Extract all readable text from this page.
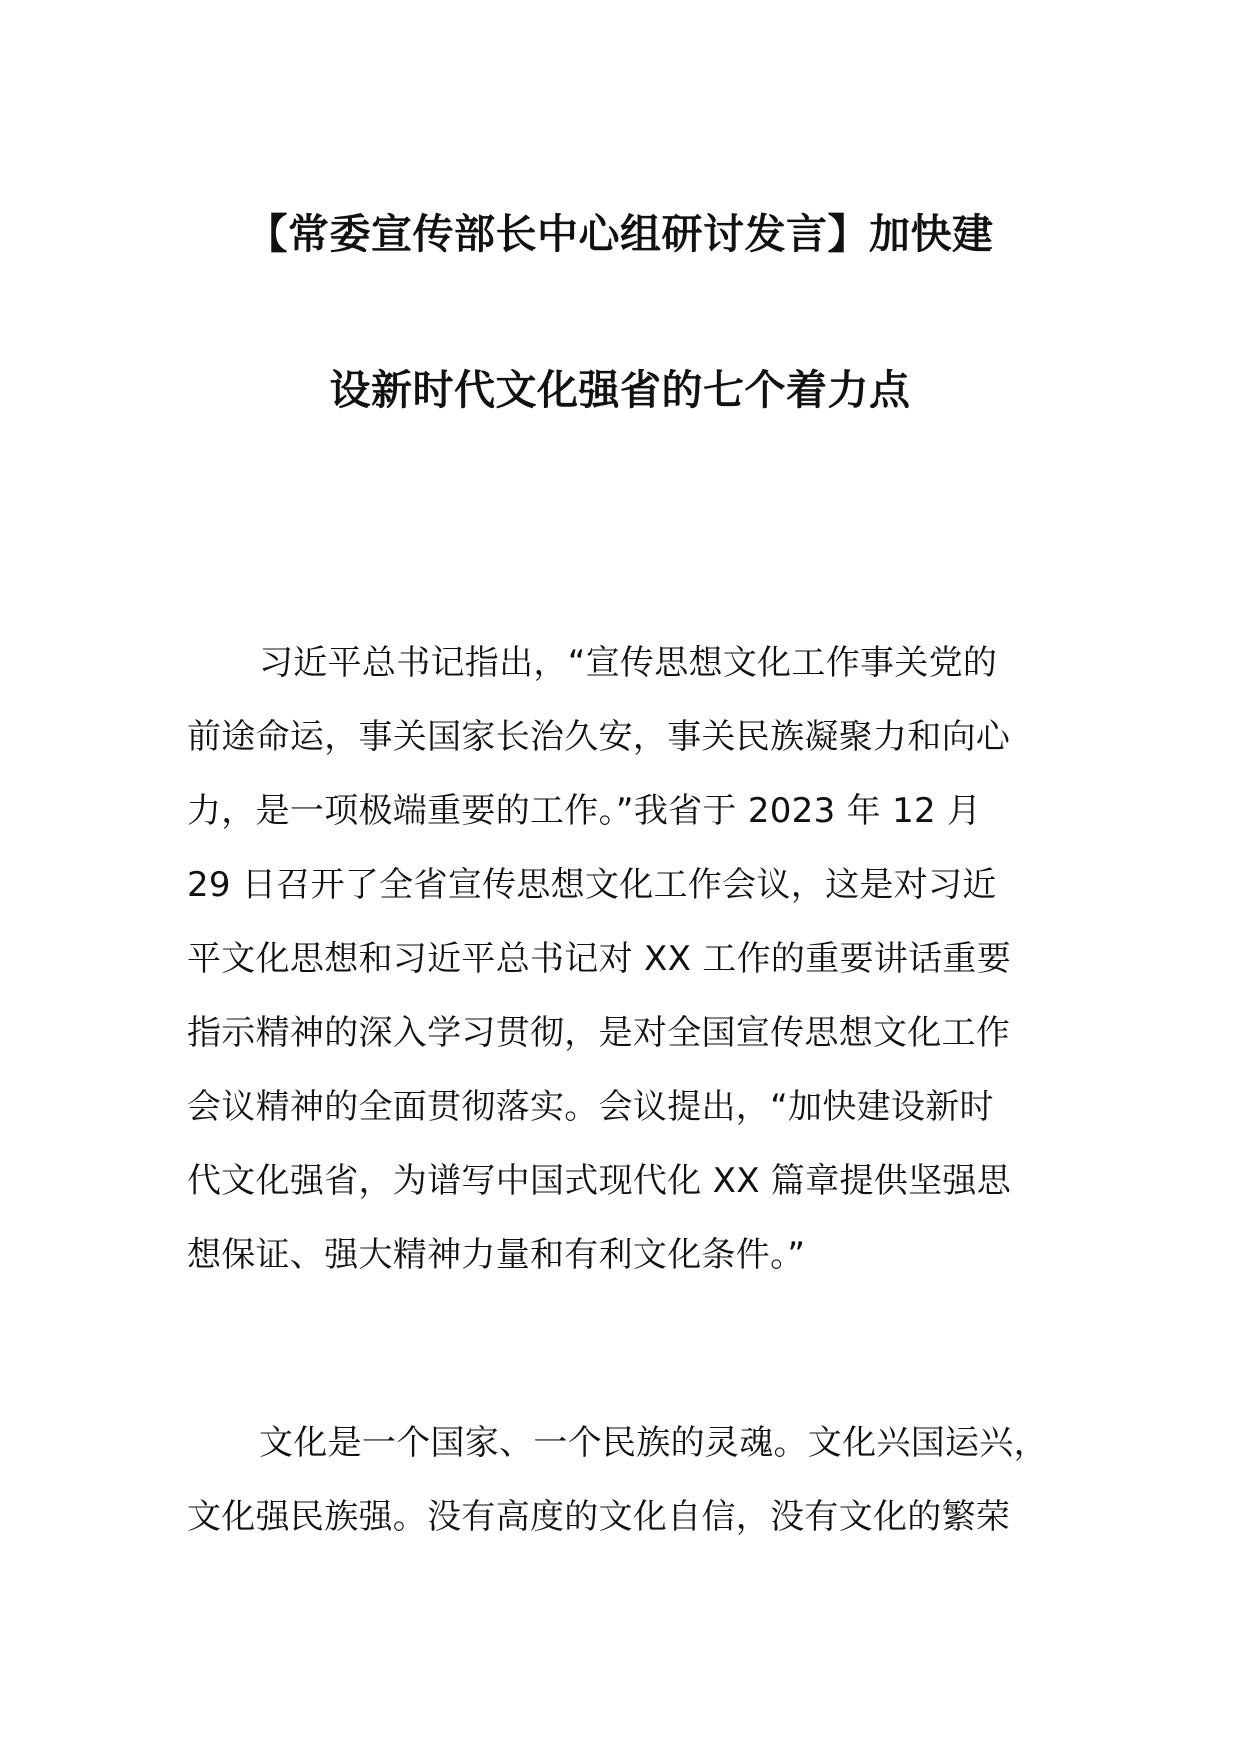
【常委宣传部长中心组研讨发言】加快建
设新时代文化强省的七个着力点
习近平总书记指出，“宣传思想文化工作事关党的
前途命运，事关国家长治久安，事关民族凝聚力和向心
力，是一项极端重要的工作。”我省于 2023 年 12 月
29 日召开了全省宣传思想文化工作会议，这是对习近
平文化思想和习近平总书记对 XX 工作的重要讲话重要
指示精神的深入学习贯彻，是对全国宣传思想文化工作
会议精神的全面贯彻落实。会议提出，“加快建设新时
代文化强省，为谱写中国式现代化 XX 篇章提供坚强思
想保证、强大精神力量和有利文化条件。”
文化是一个国家、一个民族的灵魂。文化兴国运兴，
文化强民族强。没有高度的文化自信，没有文化的繁荣
